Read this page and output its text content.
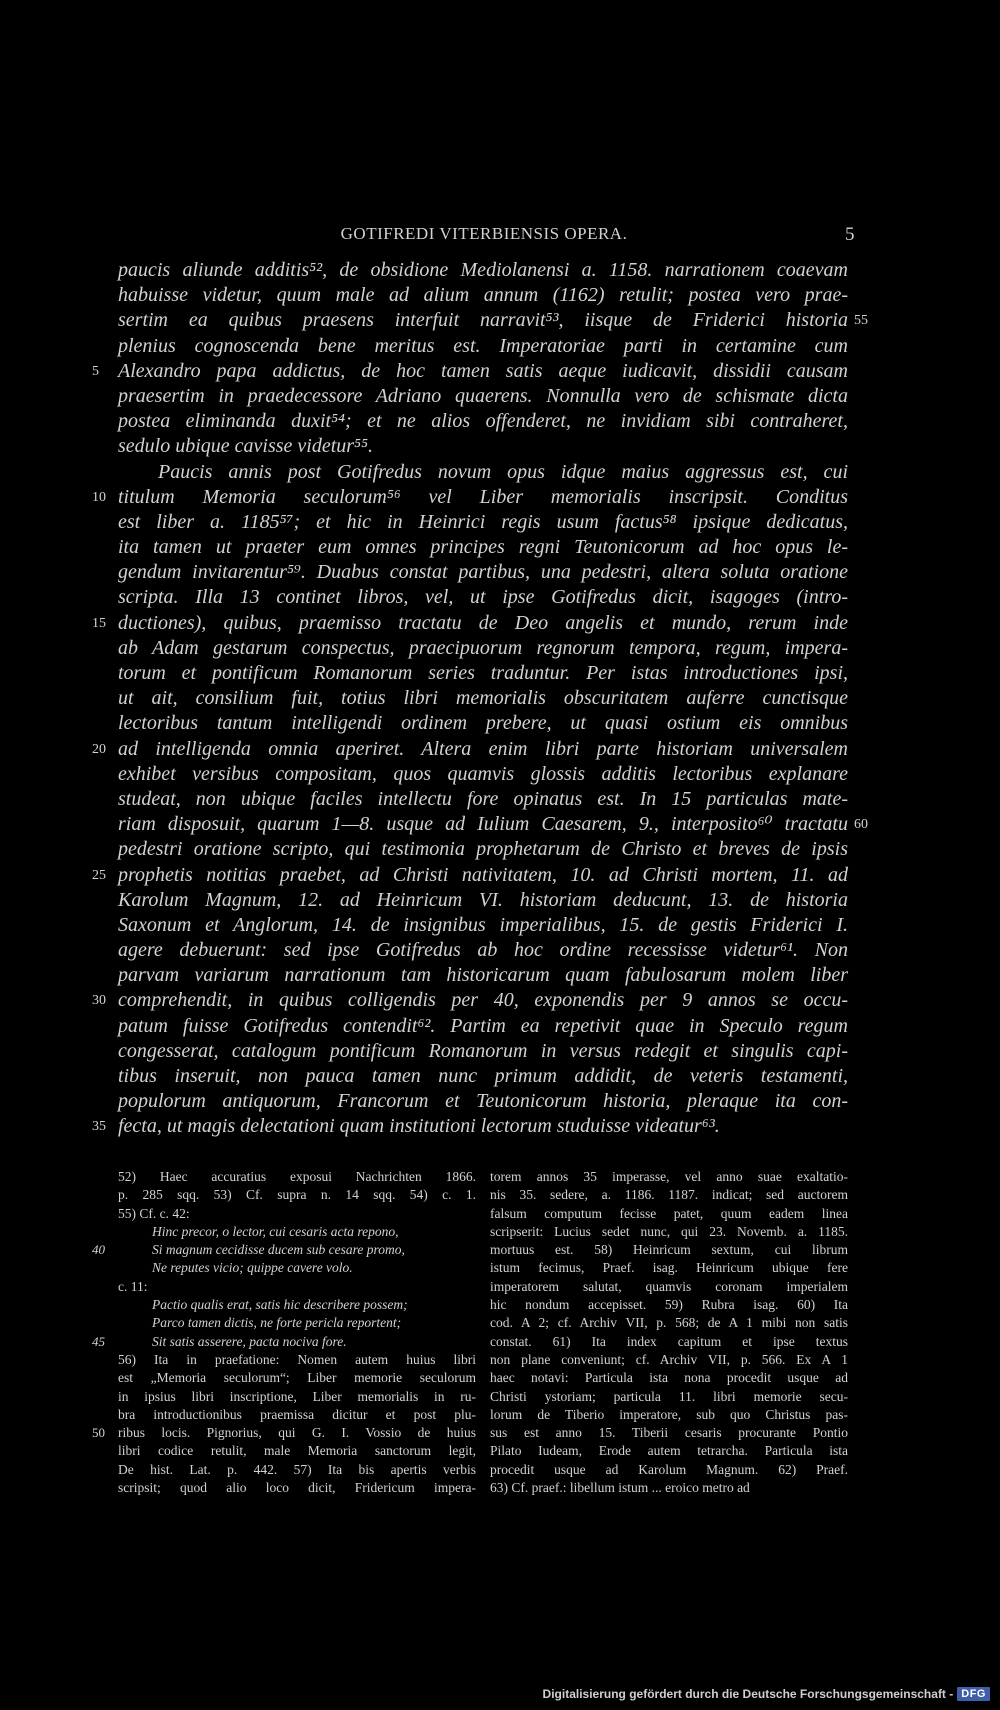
GOTIFREDI VITERBIENSIS OPERA.	5
paucis aliunde additis⁵², de obsidione Mediolanensi a. 1158. narrationem coaevam
habuisse videtur, quum male ad alium annum (1162) retulit; postea vero prae-
sertim ea quibus praesens interfuit narravit⁵³, iisque de Friderici historia 55
plenius cognoscenda bene meritus est. Imperatoriae parti in certamine cum
Alexandro papa addictus, de hoc tamen satis aeque iudicavit, dissidii causam
5
praesertim in praedecessore Adriano quaerens. Nonnulla vero de schismate dicta
postea eliminanda duxit⁵⁴; et ne alios offenderet, ne invidiam sibi contraheret,
sedulo ubique cavisse videtur⁵⁵.
Paucis annis post Gotifredus novum opus idque maius aggressus est, cui
titulum Memoria seculorum⁵⁶ vel Liber memorialis inscripsit. Conditus
10
est liber a. 1185⁵⁷; et hic in Heinrici regis usum factus⁵⁸ ipsique dedicatus,
ita tamen ut praeter eum omnes principes regni Teutonicorum ad hoc opus le-
gendum invitarentur⁵⁹. Duabus constat partibus, una pedestri, altera soluta oratione
scripta. Illa 13 continet libros, vel, ut ipse Gotifredus dicit, isagoges (intro-
ductiones), quibus, praemisso tractatu de Deo angelis et mundo, rerum inde
15
ab Adam gestarum conspectus, praecipuorum regnorum tempora, regum, impera-
torum et pontificum Romanorum series traduntur. Per istas introductiones ipsi,
ut ait, consilium fuit, totius libri memorialis obscuritatem auferre cunctisque
lectoribus tantum intelligendi ordinem prebere, ut quasi ostium eis omnibus
ad intelligenda omnia aperiret. Altera enim libri parte historiam universalem
20
exhibet versibus compositam, quos quamvis glossis additis lectoribus explanare
studeat, non ubique faciles intellectu fore opinatus est. In 15 particulas mate-
riam disposuit, quarum 1—8. usque ad Iulium Caesarem, 9., interposito⁶⁰ tractatu 60
pedestri oratione scripto, qui testimonia prophetarum de Christo et breves de ipsis
prophetis notitias praebet, ad Christi nativitatem, 10. ad Christi mortem, 11. ad
25
Karolum Magnum, 12. ad Heinricum VI. historiam deducunt, 13. de historia
Saxonum et Anglorum, 14. de insignibus imperialibus, 15. de gestis Friderici I.
agere debuerunt: sed ipse Gotifredus ab hoc ordine recessisse videtur⁶¹. Non
parvam variarum narrationum tam historicarum quam fabulosarum molem liber
comprehendit, in quibus colligendis per 40, exponendis per 9 annos se occu-
30
patum fuisse Gotifredus contendit⁶². Partim ea repetivit quae in Speculo regum
congesserat, catalogum pontificum Romanorum in versus redegit et singulis capi-
tibus inseruit, non pauca tamen nunc primum addidit, de veteris testamenti,
populorum antiquorum, Francorum et Teutonicorum historia, pleraque ita con-
fecta, ut magis delectationi quam institutioni lectorum studuisse videatur⁶³.
35
52) Haec accuratius exposui Nachrichten 1866.
p. 285 sqq. 53) Cf. supra n. 14 sqq. 54) c. 1.
55) Cf. c. 42:
Hinc precor, o lector, cui cesaris acta repono,
Si magnum cecidisse ducem sub cesare promo,
40
Ne reputes vicio; quippe cavere volo.
c. 11:
Pactio qualis erat, satis hic describere possem;
Parco tamen dictis, ne forte pericla reportent;
Sit satis asserere, pacta nociva fore.
45
56) Ita in praefatione: Nomen autem huius libri
est „Memoria seculorum“; Liber memorie seculorum
in ipsius libri inscriptione, Liber memorialis in ru-
bra introductionibus praemissa dicitur et post plu-
ribus locis. Pignorius, qui G. I. Vossio de huius
50
libri codice retulit, male Memoria sanctorum legit,
De hist. Lat. p. 442. 57) Ita bis apertis verbis
scripsit; quod alio loco dicit, Fridericum impera-
torem annos 35 imperasse, vel anno suae exaltatio-
nis 35. sedere, a. 1186. 1187. indicat; sed auctorem
falsum computum fecisse patet, quum eadem linea
scripserit: Lucius sedet nunc, qui 23. Novemb. a. 1185.
mortuus est. 58) Heinricum sextum, cui librum
istum fecimus, Praef. isag. Heinricum ubique fere
imperatorem salutat, quamvis coronam imperialem
hic nondum accepisset. 59) Rubra isag. 60) Ita
cod. A 2; cf. Archiv VII, p. 568; de A 1 mibi non satis
constat. 61) Ita index capitum et ipse textus
non plane conveniunt; cf. Archiv VII, p. 566. Ex A 1
haec notavi: Particula ista nona procedit usque ad
Christi ystoriam; particula 11. libri memorie secu-
lorum de Tiberio imperatore, sub quo Christus pas-
sus est anno 15. Tiberii cesaris procurante Pontio
Pilato Iudeam, Erode autem tetrarcha. Particula ista
procedit usque ad Karolum Magnum. 62) Praef.
63) Cf. praef.: libellum istum ... eroico metro ad
Digitalisierung gefördert durch die Deutsche Forschungsgemeinschaft - DFG
